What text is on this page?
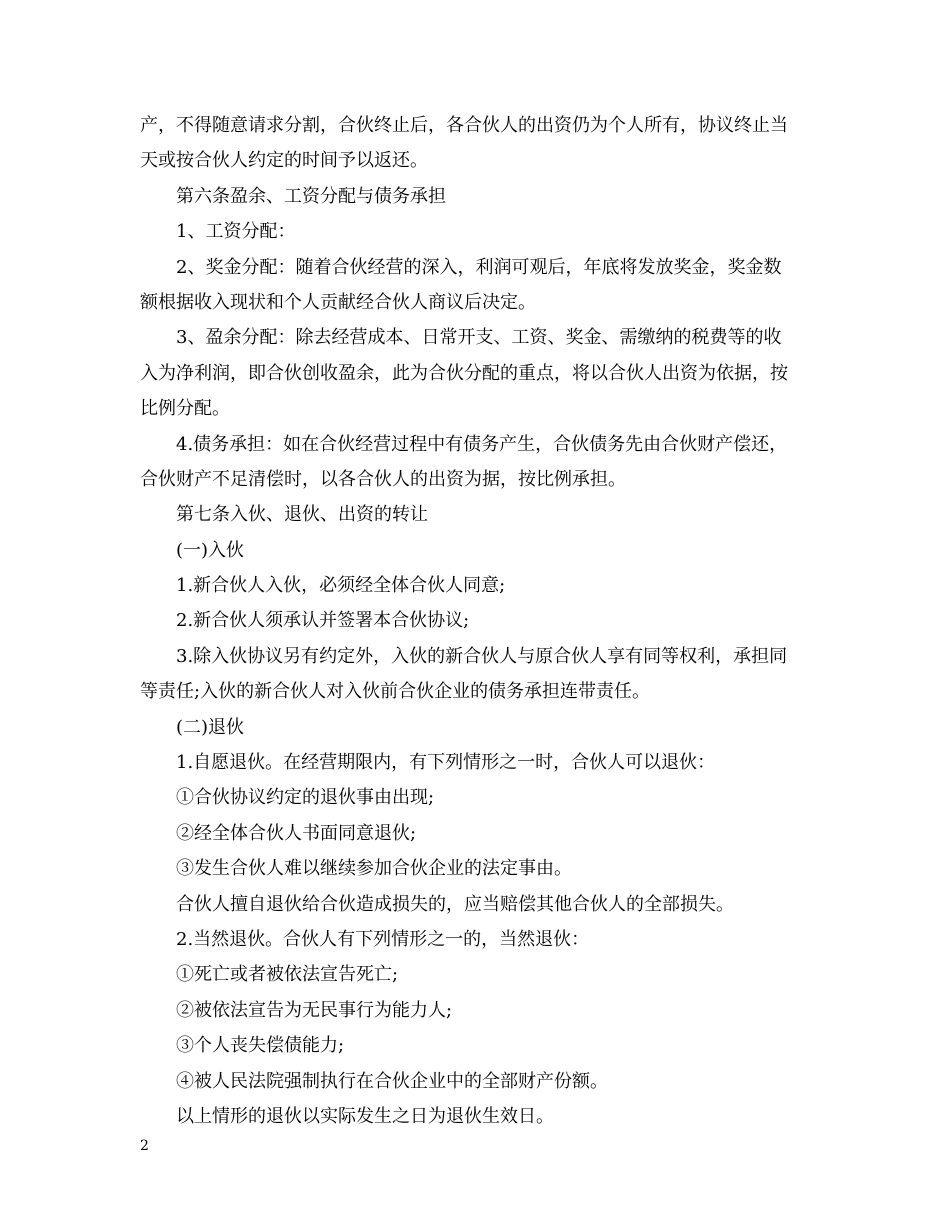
产，不得随意请求分割，合伙终止后，各合伙人的出资仍为个人所有，协议终止当
天或按合伙人约定的时间予以返还。
第六条盈余、工资分配与债务承担
1、工资分配：
2、奖金分配：随着合伙经营的深入，利润可观后，年底将发放奖金，奖金数
额根据收入现状和个人贡献经合伙人商议后决定。
3、盈余分配：除去经营成本、日常开支、工资、奖金、需缴纳的税费等的收
入为净利润，即合伙创收盈余，此为合伙分配的重点，将以合伙人出资为依据，按
比例分配。
4.债务承担：如在合伙经营过程中有债务产生，合伙债务先由合伙财产偿还，
合伙财产不足清偿时，以各合伙人的出资为据，按比例承担。
第七条入伙、退伙、出资的转让
(一)入伙
1.新合伙人入伙，必须经全体合伙人同意;
2.新合伙人须承认并签署本合伙协议;
3.除入伙协议另有约定外，入伙的新合伙人与原合伙人享有同等权利，承担同
等责任;入伙的新合伙人对入伙前合伙企业的债务承担连带责任。
(二)退伙
1.自愿退伙。在经营期限内，有下列情形之一时，合伙人可以退伙：
①合伙协议约定的退伙事由出现;
②经全体合伙人书面同意退伙;
③发生合伙人难以继续参加合伙企业的法定事由。
合伙人擅自退伙给合伙造成损失的，应当赔偿其他合伙人的全部损失。
2.当然退伙。合伙人有下列情形之一的，当然退伙：
①死亡或者被依法宣告死亡;
②被依法宣告为无民事行为能力人;
③个人丧失偿债能力;
④被人民法院强制执行在合伙企业中的全部财产份额。
以上情形的退伙以实际发生之日为退伙生效日。
2
